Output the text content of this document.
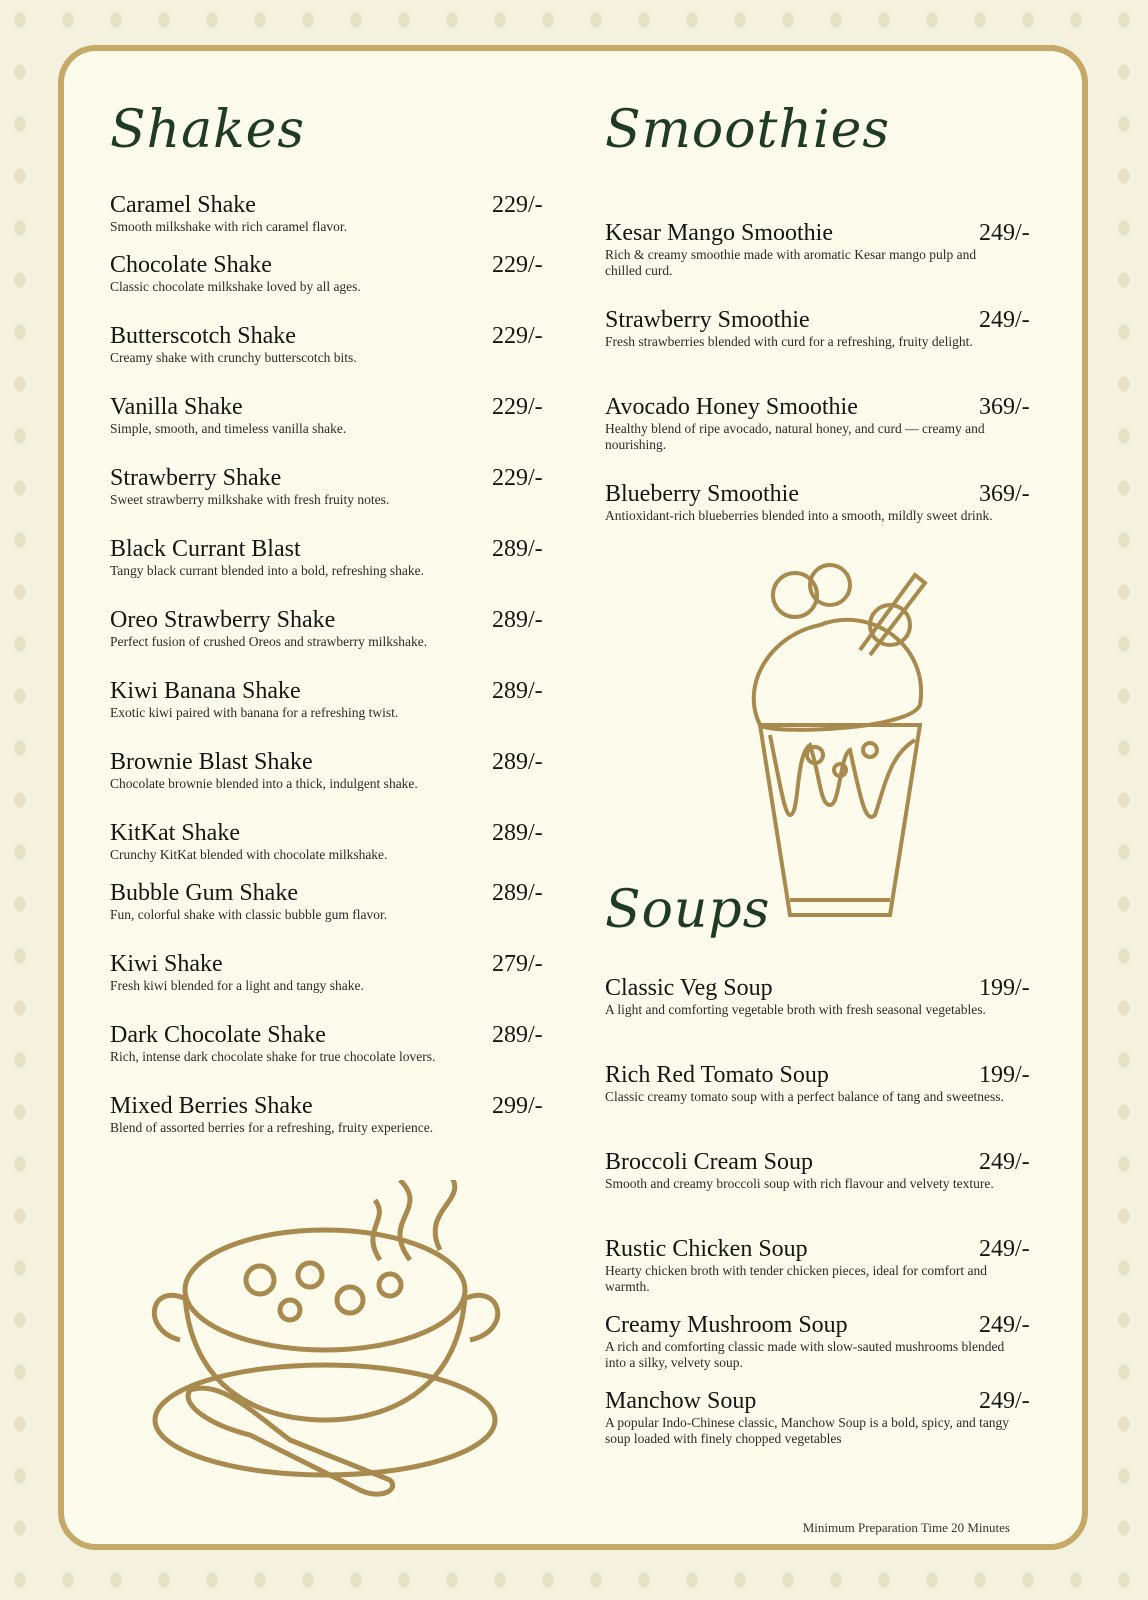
Shakes	Smoothies
Soups
Caramel Shake	229/-
Smooth milkshake with rich caramel flavor.
Chocolate Shake	229/-
Classic chocolate milkshake loved by all ages.
Butterscotch Shake	229/-
Creamy shake with crunchy butterscotch bits.
Vanilla Shake	229/-
Simple, smooth, and timeless vanilla shake.
Strawberry Shake	229/-
Sweet strawberry milkshake with fresh fruity notes.
Black Currant Blast	289/-
Tangy black currant blended into a bold, refreshing shake.
Oreo Strawberry Shake	289/-
Perfect fusion of crushed Oreos and strawberry milkshake.
Kiwi Banana Shake	289/-
Exotic kiwi paired with banana for a refreshing twist.
Brownie Blast Shake	289/-
Chocolate brownie blended into a thick, indulgent shake.
KitKat Shake	289/-
Crunchy KitKat blended with chocolate milkshake.
Bubble Gum Shake	289/-
Fun, colorful shake with classic bubble gum flavor.
Kiwi Shake	279/-
Fresh kiwi blended for a light and tangy shake.
Dark Chocolate Shake	289/-
Rich, intense dark chocolate shake for true chocolate lovers.
Mixed Berries Shake	299/-
Blend of assorted berries for a refreshing, fruity experience.
Kesar Mango Smoothie	249/-
Rich & creamy smoothie made with aromatic Kesar mango pulp and chilled curd.
Strawberry Smoothie	249/-
Fresh strawberries blended with curd for a refreshing, fruity delight.
Avocado Honey Smoothie	369/-
Healthy blend of ripe avocado, natural honey, and curd — creamy and nourishing.
Blueberry Smoothie	369/-
Antioxidant-rich blueberries blended into a smooth, mildly sweet drink.
Classic Veg Soup	199/-
A light and comforting vegetable broth with fresh seasonal vegetables.
Rich Red Tomato Soup	199/-
Classic creamy tomato soup with a perfect balance of tang and sweetness.
Broccoli Cream Soup	249/-
Smooth and creamy broccoli soup with rich flavour and velvety texture.
Rustic Chicken Soup	249/-
Hearty chicken broth with tender chicken pieces, ideal for comfort and warmth.
Creamy Mushroom Soup	249/-
A rich and comforting classic made with slow-sauted mushrooms blended into a silky, velvety soup.
Manchow Soup	249/-
A popular Indo-Chinese classic, Manchow Soup is a bold, spicy, and tangy soup loaded with finely chopped vegetables
Minimum Preparation Time 20 Minutes
